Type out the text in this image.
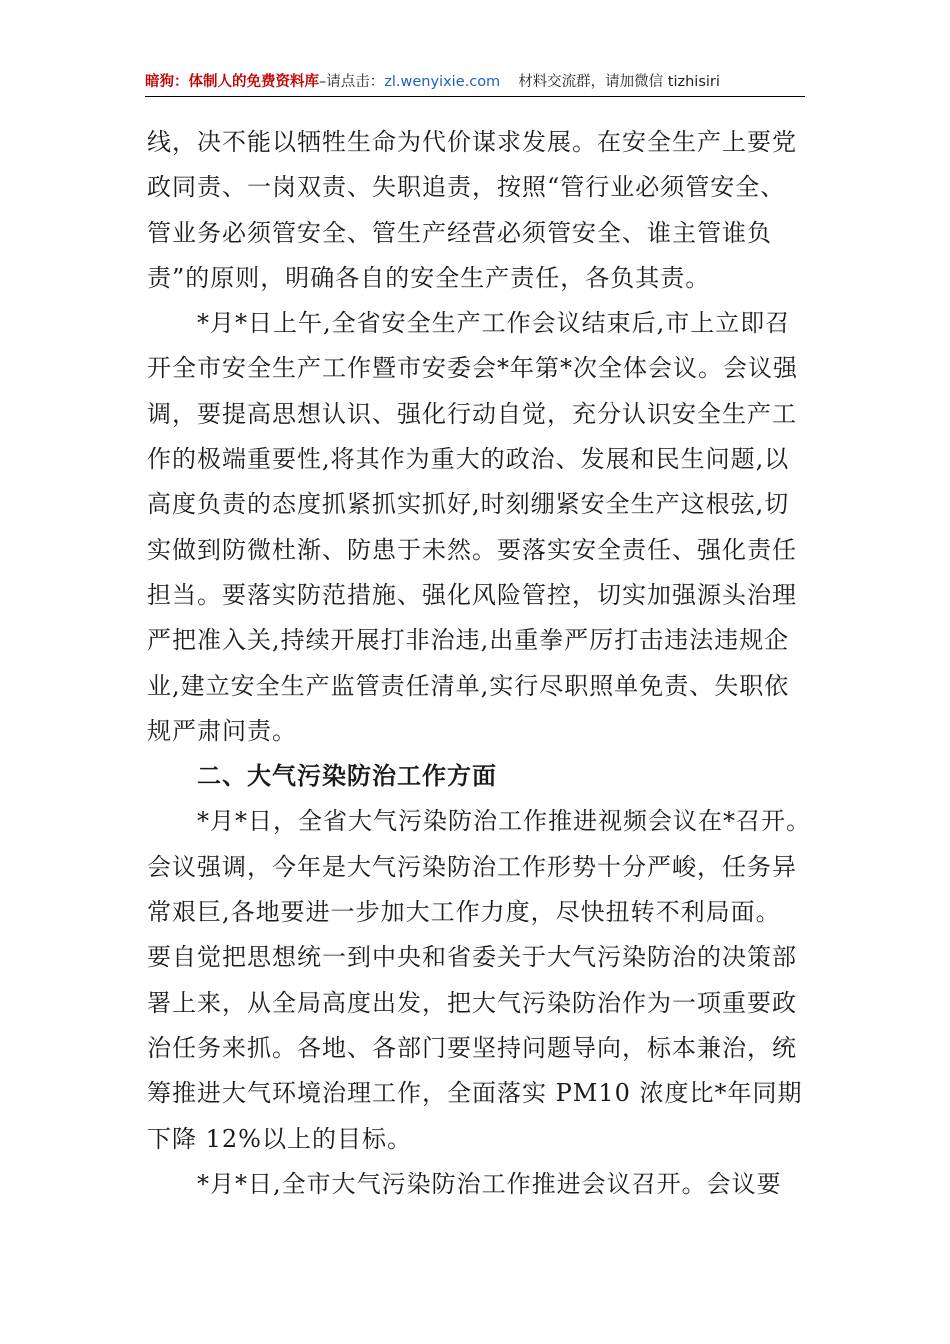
暗狗：体制人的免费资料库–请点击：zl.wenyixie.com 材料交流群，请加微信 tizhisiri
线，决不能以牺牲生命为代价谋求发展。在安全生产上要党
政同责、一岗双责、失职追责，按照“管行业必须管安全、
管业务必须管安全、管生产经营必须管安全、谁主管谁负
责”的原则，明确各自的安全生产责任，各负其责。
*月*日上午,全省安全生产工作会议结束后,市上立即召
开全市安全生产工作暨市安委会*年第*次全体会议。会议强
调，要提高思想认识、强化行动自觉，充分认识安全生产工
作的极端重要性,将其作为重大的政治、发展和民生问题,以
高度负责的态度抓紧抓实抓好,时刻绷紧安全生产这根弦,切
实做到防微杜渐、防患于未然。要落实安全责任、强化责任
担当。要落实防范措施、强化风险管控，切实加强源头治理
严把准入关,持续开展打非治违,出重拳严厉打击违法违规企
业,建立安全生产监管责任清单,实行尽职照单免责、失职依
规严肃问责。
二、大气污染防治工作方面
*月*日，全省大气污染防治工作推进视频会议在*召开。
会议强调，今年是大气污染防治工作形势十分严峻，任务异
常艰巨,各地要进一步加大工作力度，尽快扭转不利局面。
要自觉把思想统一到中央和省委关于大气污染防治的决策部
署上来，从全局高度出发，把大气污染防治作为一项重要政
治任务来抓。各地、各部门要坚持问题导向，标本兼治，统
筹推进大气环境治理工作，全面落实 PM10 浓度比*年同期
下降 12%以上的目标。
*月*日,全市大气污染防治工作推进会议召开。会议要
